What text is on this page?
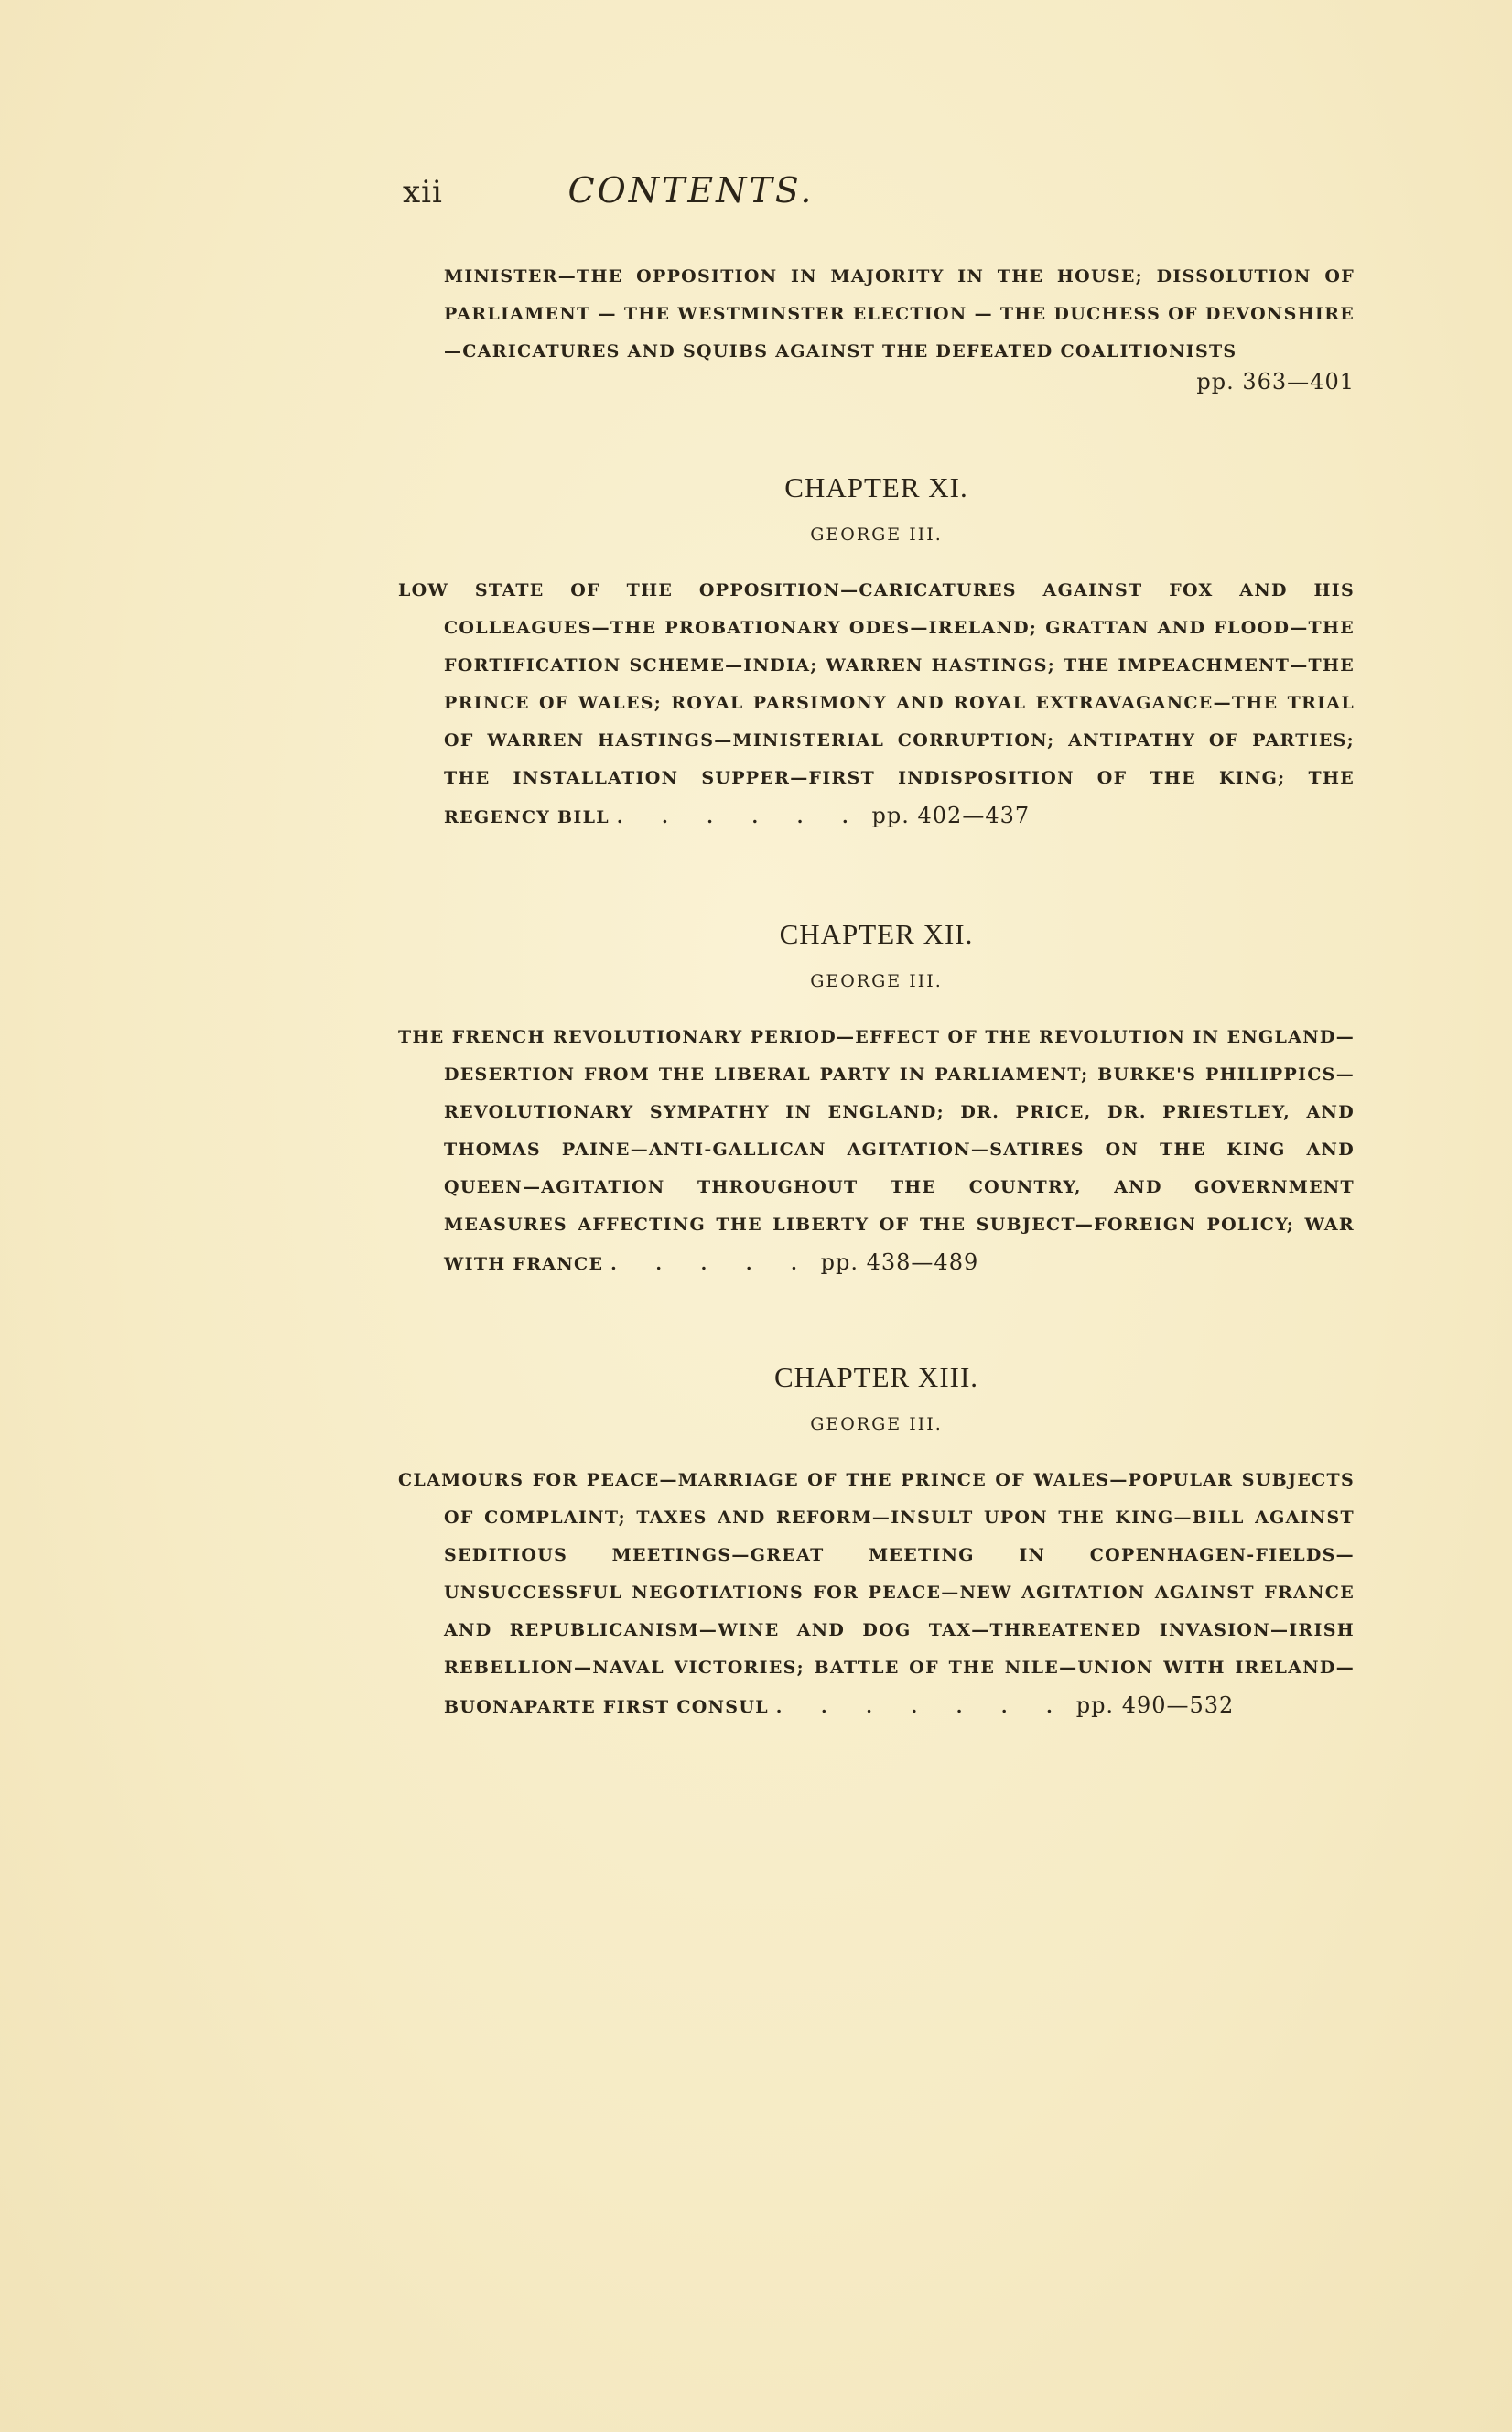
xii	CONTENTS.

MINISTER—THE OPPOSITION IN MAJORITY IN THE HOUSE; DISSOLUTION OF PARLIAMENT — THE WESTMINSTER ELECTION — THE DUCHESS OF DEVONSHIRE—CARICATURES AND SQUIBS AGAINST THE DEFEATED COALITIONISTS

pp. 363—401
CHAPTER XI.
GEORGE III.

LOW STATE OF THE OPPOSITION—CARICATURES AGAINST FOX AND HIS COLLEAGUES—THE PROBATIONARY ODES—IRELAND; GRATTAN AND FLOOD—THE FORTIFICATION SCHEME—INDIA; WARREN HASTINGS; THE IMPEACHMENT—THE PRINCE OF WALES; ROYAL PARSIMONY AND ROYAL EXTRAVAGANCE—THE TRIAL OF WARREN HASTINGS—MINISTERIAL CORRUPTION; ANTIPATHY OF PARTIES; THE INSTALLATION SUPPER—FIRST INDISPOSITION OF THE KING; THE REGENCY BILL . . . . . . pp. 402—437

CHAPTER XII.
GEORGE III.

THE FRENCH REVOLUTIONARY PERIOD—EFFECT OF THE REVOLUTION IN ENGLAND—DESERTION FROM THE LIBERAL PARTY IN PARLIAMENT; BURKE'S PHILIPPICS—REVOLUTIONARY SYMPATHY IN ENGLAND; DR. PRICE, DR. PRIESTLEY, AND THOMAS PAINE—ANTI-GALLICAN AGITATION—SATIRES ON THE KING AND QUEEN—AGITATION THROUGHOUT THE COUNTRY, AND GOVERNMENT MEASURES AFFECTING THE LIBERTY OF THE SUBJECT—FOREIGN POLICY; WAR WITH FRANCE . . . . . pp. 438—489

CHAPTER XIII.
GEORGE III.

CLAMOURS FOR PEACE—MARRIAGE OF THE PRINCE OF WALES—POPULAR SUBJECTS OF COMPLAINT; TAXES AND REFORM—INSULT UPON THE KING—BILL AGAINST SEDITIOUS MEETINGS—GREAT MEETING IN COPENHAGEN-FIELDS—UNSUCCESSFUL NEGOTIATIONS FOR PEACE—NEW AGITATION AGAINST FRANCE AND REPUBLICANISM—WINE AND DOG TAX—THREATENED INVASION—IRISH REBELLION—NAVAL VICTORIES; BATTLE OF THE NILE—UNION WITH IRELAND—BUONAPARTE FIRST CONSUL . . . . . . . pp. 490—532
